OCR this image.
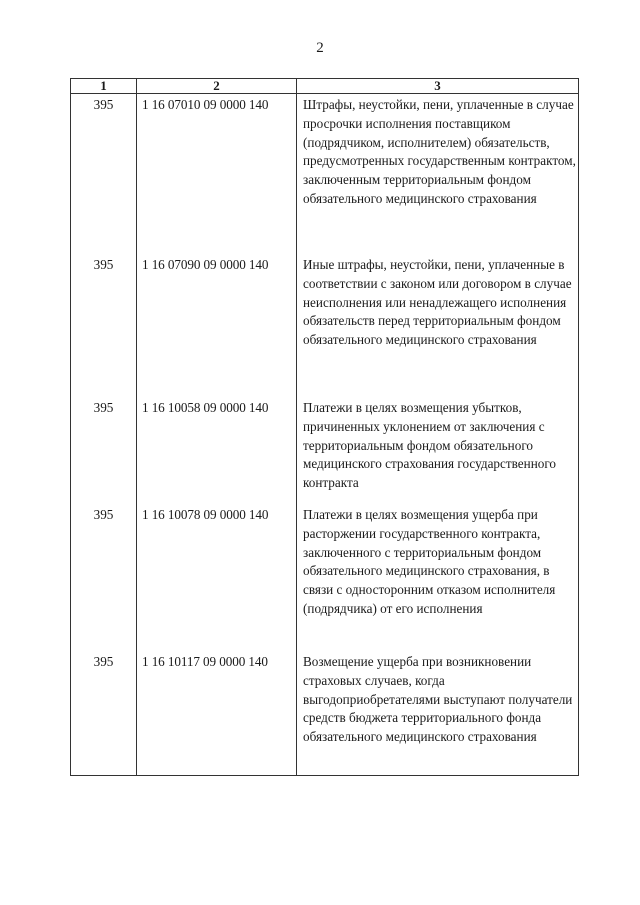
2
1	2	3
395	1 16 07010 09 0000 140	Штрафы, неустойки, пени, уплаченные в случае просрочки исполнения поставщиком (подрядчиком, исполнителем) обязательств, предусмотренных государственным контрактом, заключенным территориальным фондом обязательного медицинского страхования
395	1 16 07090 09 0000 140	Иные штрафы, неустойки, пени, уплаченные в соответствии с законом или договором в случае неисполнения или ненадлежащего исполнения обязательств перед территориальным фондом обязательного медицинского страхования
395	1 16 10058 09 0000 140	Платежи в целях возмещения убытков, причиненных уклонением от заключения с территориальным фондом обязательного медицинского страхования государственного контракта
395	1 16 10078 09 0000 140	Платежи в целях возмещения ущерба при расторжении государственного контракта, заключенного с территориальным фондом обязательного медицинского страхования, в связи с односторонним отказом исполнителя (подрядчика) от его исполнения
395	1 16 10117 09 0000 140	Возмещение ущерба при возникновении страховых случаев, когда выгодоприобретателями выступают получатели средств бюджета территориального фонда обязательного медицинского страхования
